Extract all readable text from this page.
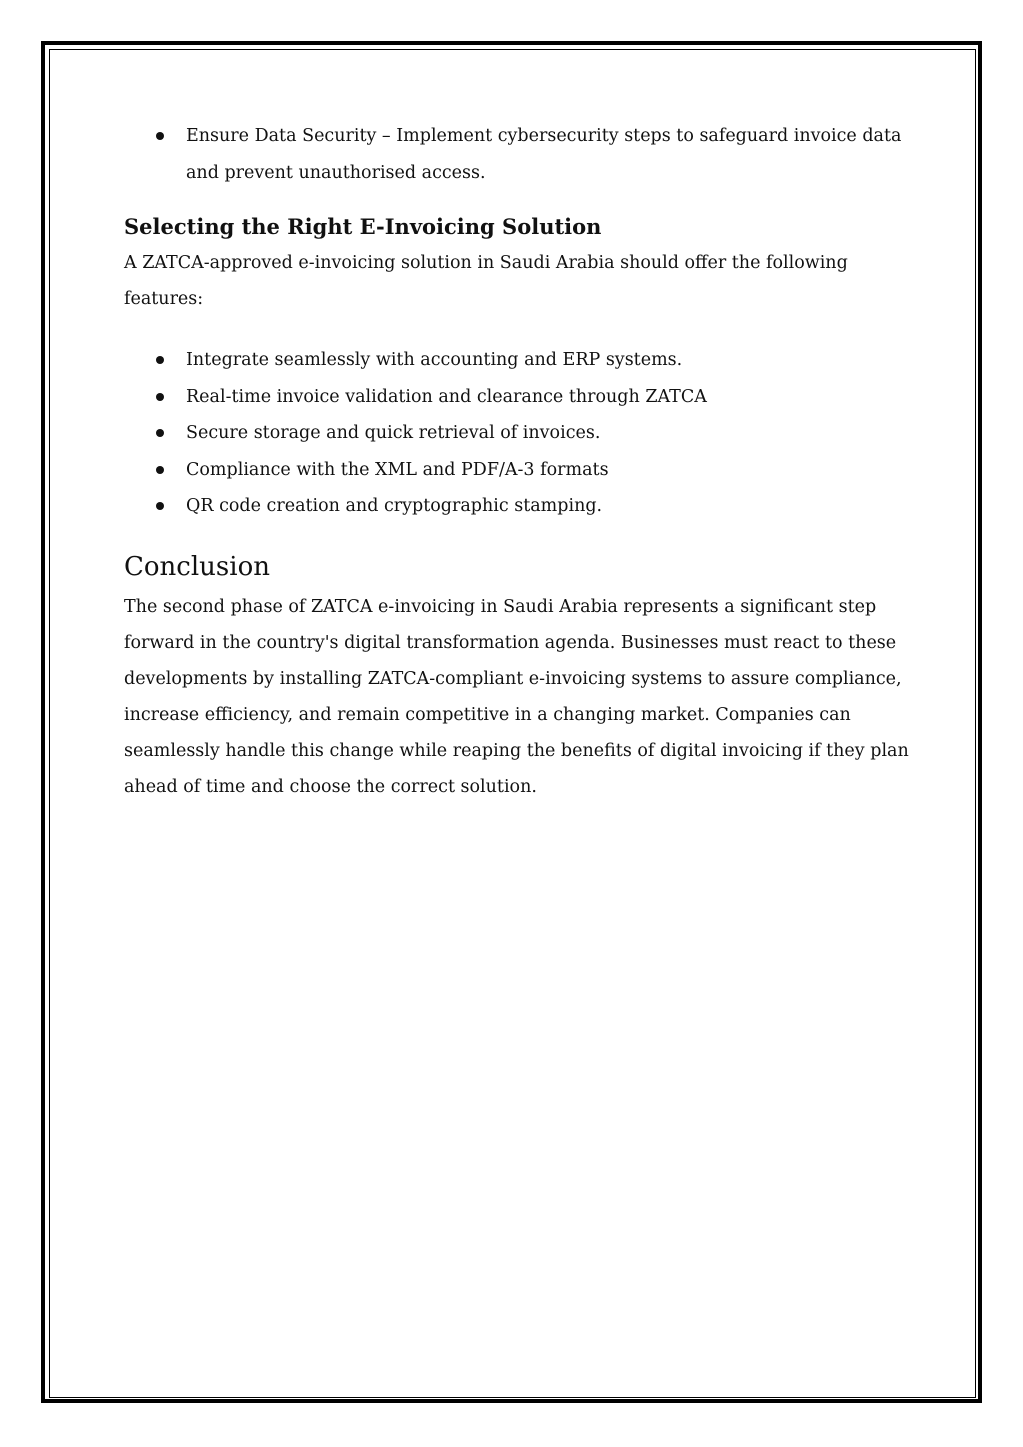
Ensure Data Security – Implement cybersecurity steps to safeguard invoice data and prevent unauthorised access.
Selecting the Right E-Invoicing Solution

A ZATCA-approved e-invoicing solution in Saudi Arabia should offer the following features:

Integrate seamlessly with accounting and ERP systems.
Real-time invoice validation and clearance through ZATCA
Secure storage and quick retrieval of invoices.
Compliance with the XML and PDF/A-3 formats
QR code creation and cryptographic stamping.
Conclusion

The second phase of ZATCA e-invoicing in Saudi Arabia represents a significant step forward in the country's digital transformation agenda. Businesses must react to these developments by installing ZATCA-compliant e-invoicing systems to assure compliance, increase efficiency, and remain competitive in a changing market. Companies can seamlessly handle this change while reaping the benefits of digital invoicing if they plan ahead of time and choose the correct solution.
